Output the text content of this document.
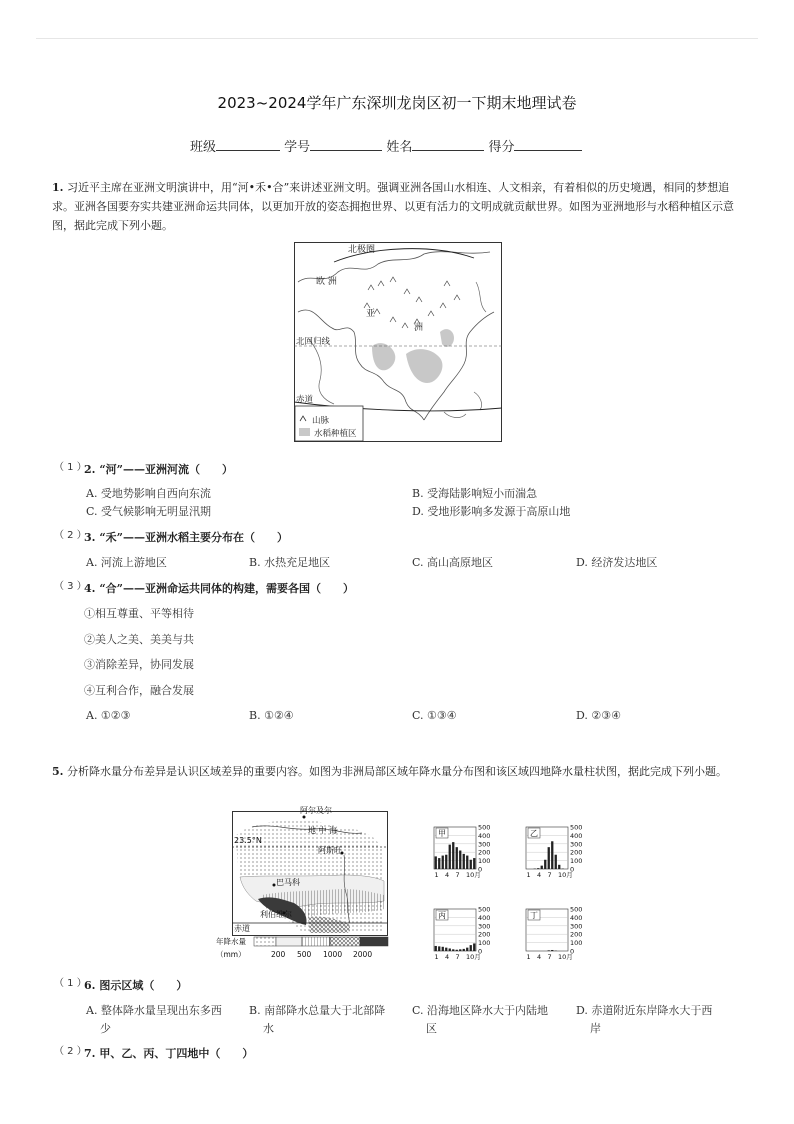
2023~2024学年广东深圳龙岗区初一下期末地理试卷
班级	学号	姓名	得分
1. 习近平主席在亚洲文明演讲中，用“河•禾•合”来讲述亚洲文明。强调亚洲各国山水相连、人文相亲，有着相似的历史境遇，相同的梦想追求。亚洲各国要夯实共建亚洲命运共同体，以更加开放的姿态拥抱世界、以更有活力的文明成就贡献世界。如图为亚洲地形与水稻种植区示意图，据此完成下列小题。
北极圈
欧 洲
亚
洲
北回归线
赤道
山脉
水稻种植区
（ 1 ）
2. “河”——亚洲河流（　　）
A. 受地势影响自西向东流	B. 受海陆影响短小而湍急
C. 受气候影响无明显汛期	D. 受地形影响多发源于高原山地
（ 2 ）
3. “禾”——亚洲水稻主要分布在（　　）
A. 河流上游地区	B. 水热充足地区	C. 高山高原地区	D. 经济发达地区
（ 3 ）
4. “合”——亚洲命运共同体的构建，需要各国（　　）
①相互尊重、平等相待
②美人之美、美美与共
③消除差异，协同发展
④互利合作，融合发展
A. ①②③	B. ①②④	C. ①③④	D. ②③④
5. 分析降水量分布差异是认识区域差异的重要内容。如图为非洲局部区域年降水量分布图和该区域四地降水量柱状图，据此完成下列小题。
阿尔及尔
地 中 海
23.5°N
阿斯旺
巴马科
利伯维尔
赤道
年降水量
（mm）	200 500 1000 2000
500
400
300
200
100
0
甲
1 4 7 10月
500
400
300
200
100
0
乙
1 4 7 10月
500
400
300
200
100
0
丙
1 4 7 10月
500
400
300
200
100
0
丁
1 4 7 10月
（ 1 ）
6. 图示区域（　　）
A. 整体降水量呈现出东多西
少
B. 南部降水总量大于北部降
水
C. 沿海地区降水大于内陆地
区
D. 赤道附近东岸降水大于西
岸
（ 2 ）
7. 甲、乙、丙、丁四地中（　　）
